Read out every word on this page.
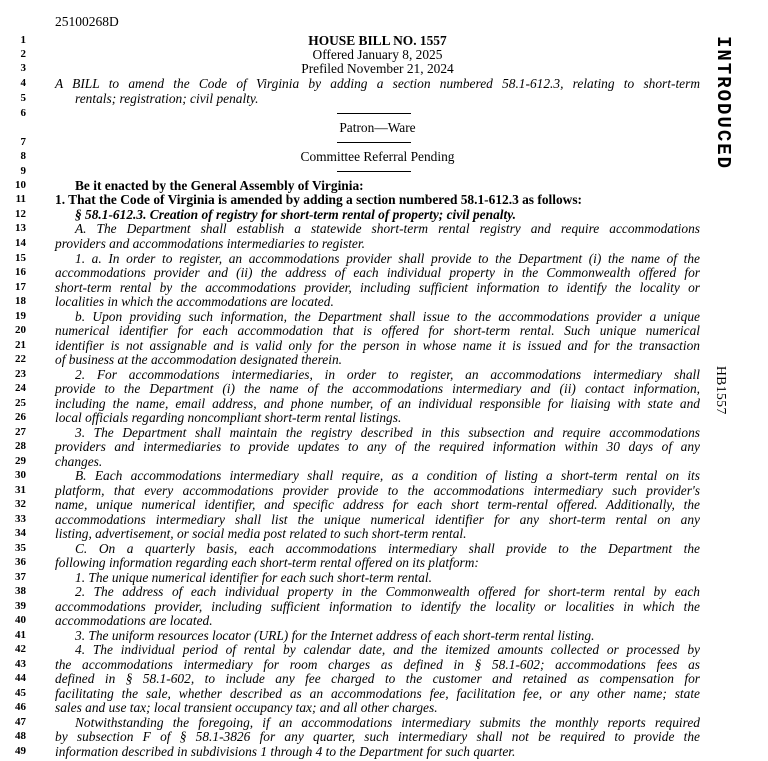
25100268D
1	HOUSE BILL NO. 1557
2	Offered January 8, 2025
3	Prefiled November 21, 2024
4 A BILL to amend the Code of Virginia by adding a section numbered 58.1-612.3, relating to short-term
5	rentals; registration; civil penalty.
6
Patron—Ware
7
8	Committee Referral Pending
9
10	Be it enacted by the General Assembly of Virginia:
11 1. That the Code of Virginia is amended by adding a section numbered 58.1-612.3 as follows:
12	§ 58.1-612.3. Creation of registry for short-term rental of property; civil penalty.
13	A. The Department shall establish a statewide short-term rental registry and require accommodations
14 providers and accommodations intermediaries to register.
15	1. a. In order to register, an accommodations provider shall provide to the Department (i) the name of the
16 accommodations provider and (ii) the address of each individual property in the Commonwealth offered for
17 short-term rental by the accommodations provider, including sufficient information to identify the locality or
18 localities in which the accommodations are located.
19	b. Upon providing such information, the Department shall issue to the accommodations provider a unique
20 numerical identifier for each accommodation that is offered for short-term rental. Such unique numerical
21 identifier is not assignable and is valid only for the person in whose name it is issued and for the transaction
22 of business at the accommodation designated therein.
23	2. For accommodations intermediaries, in order to register, an accommodations intermediary shall
24 provide to the Department (i) the name of the accommodations intermediary and (ii) contact information,
25 including the name, email address, and phone number, of an individual responsible for liaising with state and
26 local officials regarding noncompliant short-term rental listings.
27	3. The Department shall maintain the registry described in this subsection and require accommodations
28 providers and intermediaries to provide updates to any of the required information within 30 days of any
29 changes.
30	B. Each accommodations intermediary shall require, as a condition of listing a short-term rental on its
31 platform, that every accommodations provider provide to the accommodations intermediary such provider's
32 name, unique numerical identifier, and specific address for each short term-rental offered. Additionally, the
33 accommodations intermediary shall list the unique numerical identifier for any short-term rental on any
34 listing, advertisement, or social media post related to such short-term rental.
35	C. On a quarterly basis, each accommodations intermediary shall provide to the Department the
36 following information regarding each short-term rental offered on its platform:
37	1. The unique numerical identifier for each such short-term rental.
38	2. The address of each individual property in the Commonwealth offered for short-term rental by each
39 accommodations provider, including sufficient information to identify the locality or localities in which the
40 accommodations are located.
41	3. The uniform resources locator (URL) for the Internet address of each short-term rental listing.
42	4. The individual period of rental by calendar date, and the itemized amounts collected or processed by
43 the accommodations intermediary for room charges as defined in § 58.1-602; accommodations fees as
44 defined in § 58.1-602, to include any fee charged to the customer and retained as compensation for
45 facilitating the sale, whether described as an accommodations fee, facilitation fee, or any other name; state
46 sales and use tax; local transient occupancy tax; and all other charges.
47	Notwithstanding the foregoing, if an accommodations intermediary submits the monthly reports required
48 by subsection F of § 58.1-3826 for any quarter, such intermediary shall not be required to provide the
49 information described in subdivisions 1 through 4 to the Department for such quarter.
INTRODUCED
HB1557
